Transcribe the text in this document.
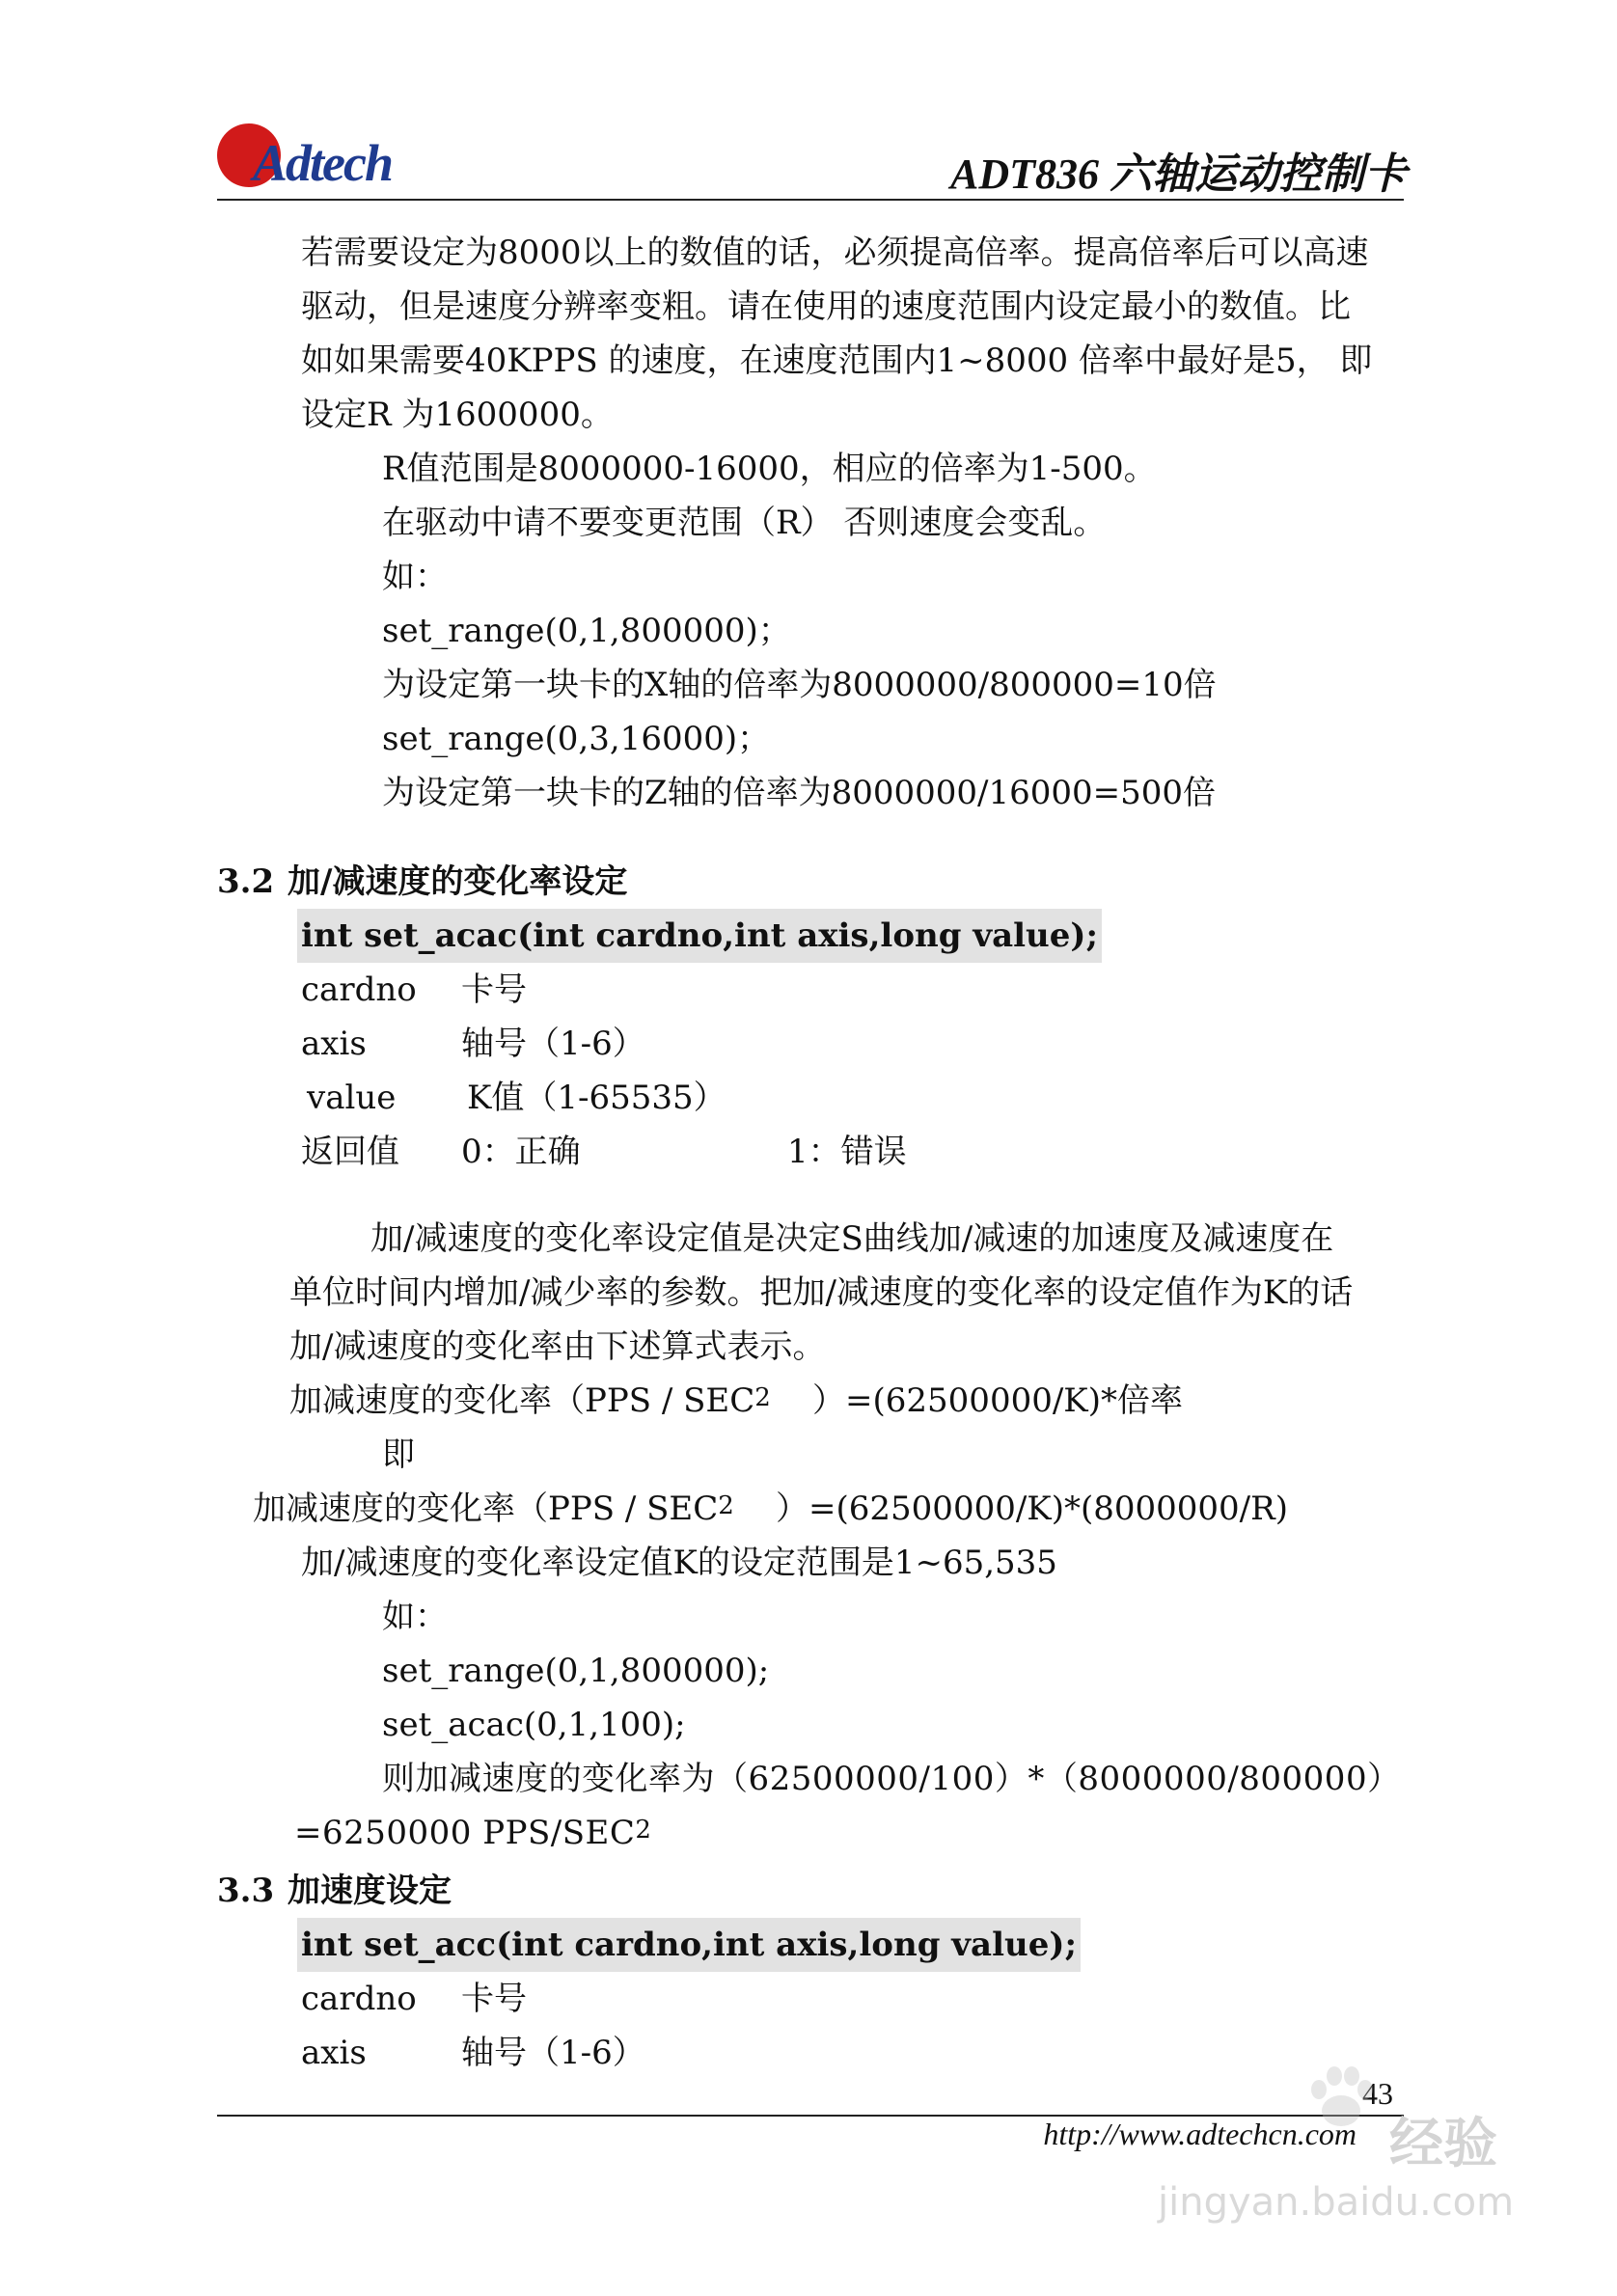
Adtech	ADT836 六轴运动控制卡
若需要设定为8000以上的数值的话，必须提高倍率。提高倍率后可以高速
驱动，但是速度分辨率变粗。请在使用的速度范围内设定最小的数值。比
如如果需要40KPPS 的速度，在速度范围内1~8000 倍率中最好是5， 即
设定R 为1600000。
R值范围是8000000-16000，相应的倍率为1-500。
在驱动中请不要变更范围（R） 否则速度会变乱。
如：
set_range(0,1,800000)；
为设定第一块卡的X轴的倍率为8000000/800000=10倍
set_range(0,3,16000)；
为设定第一块卡的Z轴的倍率为8000000/16000=500倍
3.2 加/减速度的变化率设定
int set_acac(int cardno,int axis,long value);
cardno 卡号
axis	轴号（1-6）
value K值（1-65535）
返回值 0：正确	1：错误
加/减速度的变化率设定值是决定S曲线加/减速的加速度及减速度在
单位时间内增加/减少率的参数。把加/减速度的变化率的设定值作为K的话
加/减速度的变化率由下述算式表示。
加减速度的变化率（PPS / SEC$^2$    ）=(62500000/K)*倍率
即
加减速度的变化率（PPS / SEC$^2$    ）=(62500000/K)*(8000000/R)
加/减速度的变化率设定值K的设定范围是1~65,535
如：
set_range(0,1,800000);
set_acac(0,1,100);
则加减速度的变化率为（62500000/100）*（8000000/800000）
=6250000 PPS/SEC$^2$
3.3 加速度设定
int set_acc(int cardno,int axis,long value);
cardno 卡号
axis	轴号（1-6）
43
http://www.adtechcn.com 经验
jingyan.baidu.com
